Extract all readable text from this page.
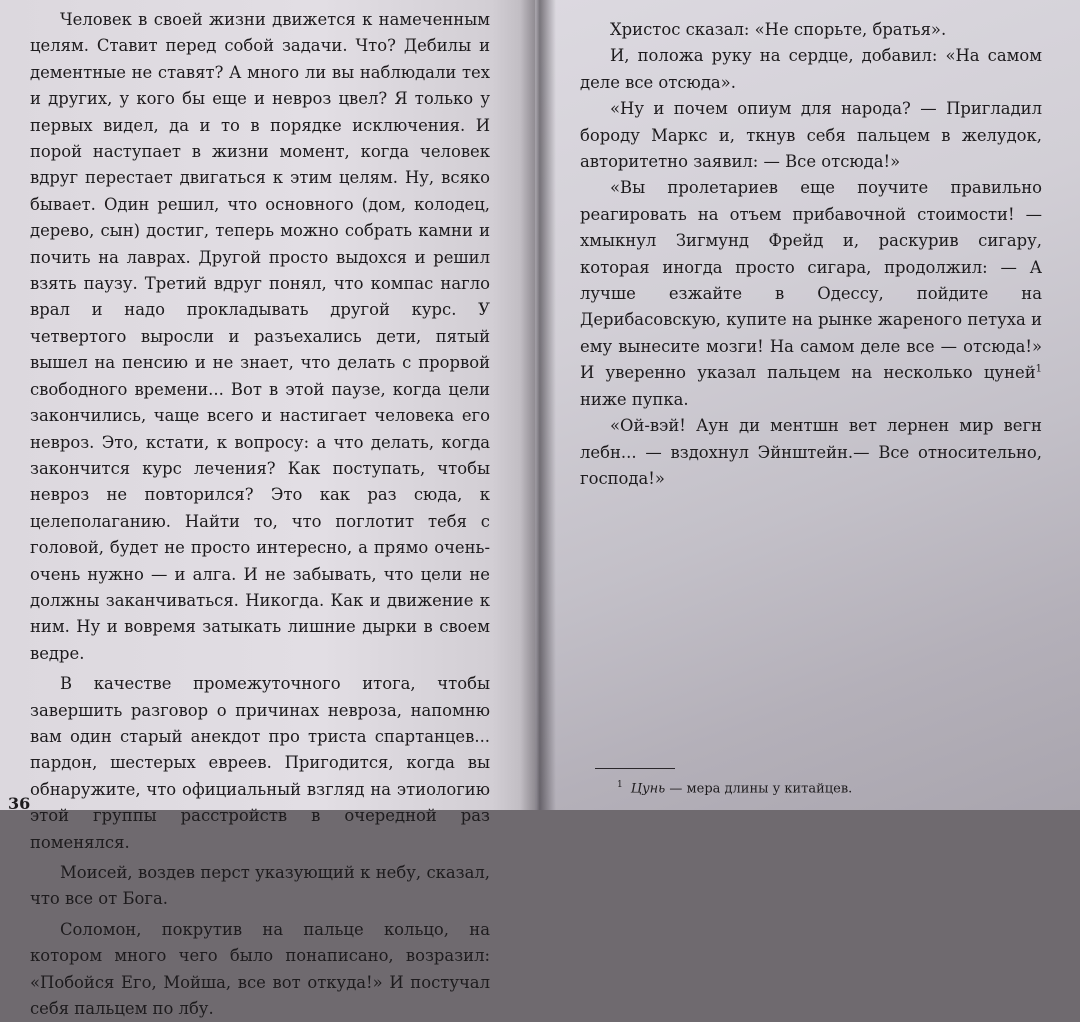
Человек в своей жизни движется к намеченным целям. Ставит перед собой задачи. Что? Дебилы и дементные не ставят? А много ли вы наблюдали тех и других, у кого бы еще и невроз цвел? Я только у первых видел, да и то в порядке исключения. И порой наступает в жизни момент, когда человек вдруг перестает двигаться к этим целям. Ну, всяко бывает. Один решил, что основного (дом, колодец, дерево, сын) достиг, теперь можно собрать камни и почить на лаврах. Другой просто выдохся и решил взять паузу. Третий вдруг понял, что компас нагло врал и надо прокладывать другой курс. У четвертого выросли и разъехались дети, пятый вышел на пенсию и не знает, что делать с прорвой свободного времени... Вот в этой паузе, когда цели закончились, чаще всего и настигает человека его невроз. Это, кстати, к вопросу: а что делать, когда закончится курс лечения? Как поступать, чтобы невроз не повторился? Это как раз сюда, к целеполаганию. Найти то, что поглотит тебя с головой, будет не просто интересно, а прямо очень-очень нужно — и алга. И не забывать, что цели не должны заканчиваться. Никогда. Как и движение к ним. Ну и вовремя затыкать лишние дырки в своем ведре.

В качестве промежуточного итога, чтобы завершить разговор о причинах невроза, напомню вам один старый анекдот про триста спартанцев... пардон, шестерых евреев. Пригодится, когда вы обнаружите, что официальный взгляд на этиологию этой группы расстройств в очередной раз поменялся.

Моисей, воздев перст указующий к небу, сказал, что все от Бога.

Соломон, покрутив на пальце кольцо, на котором много чего было понаписано, возразил: «Побойся Его, Мойша, все вот откуда!» И постучал себя пальцем по лбу.

36

Христос сказал: «Не спорьте, братья».

И, положа руку на сердце, добавил: «На самом деле все отсюда».

«Ну и почем опиум для народа? — Пригладил бороду Маркс и, ткнув себя пальцем в желудок, авторитетно заявил: — Все отсюда!»

«Вы пролетариев еще поучите правильно реагировать на отъем прибавочной стоимости! — хмыкнул Зигмунд Фрейд и, раскурив сигару, которая иногда просто сигара, продолжил: — А лучше езжайте в Одессу, пойдите на Дерибасовскую, купите на рынке жареного петуха и ему вынесите мозги! На самом деле все — отсюда!» И уверенно указал пальцем на несколько цуней$^1$ ниже пупка.

«Ой-вэй! Аун ди ментшн вет лернен мир вегн лебн... — вздохнул Эйнштейн.— Все относительно, господа!»

$^1$ Цунь — мера длины у китайцев.
